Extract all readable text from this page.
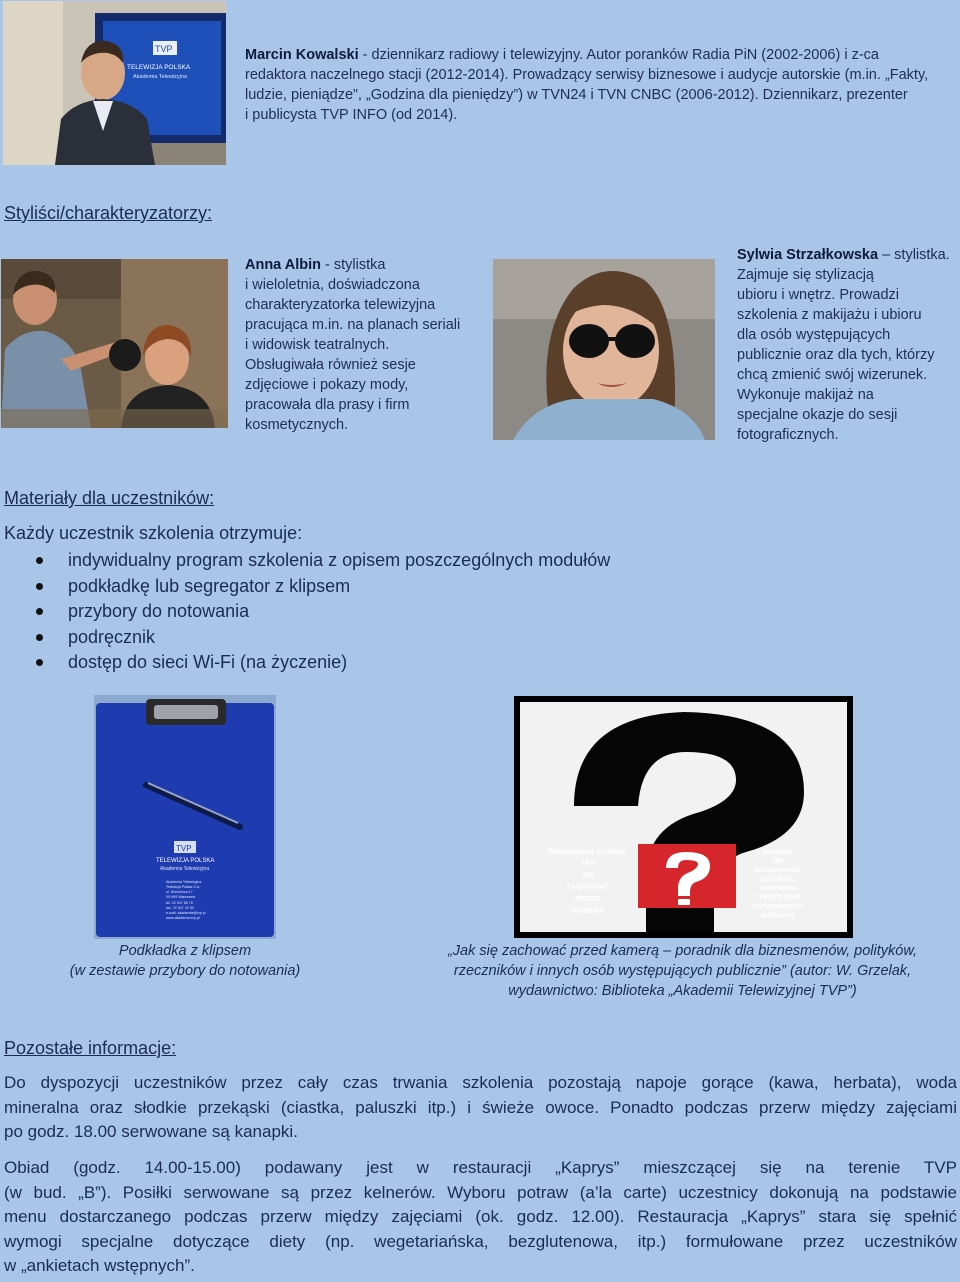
TVP
TELEWIZJA POLSKA
Akademia Telewizyjna
Marcin Kowalski - dziennikarz radiowy i telewizyjny. Autor poranków Radia PiN (2002-2006) i z-ca
redaktora naczelnego stacji (2012-2014). Prowadzący serwisy biznesowe i audycje autorskie (m.in. „Fakty,
ludzie, pieniądze”, „Godzina dla pieniędzy”) w TVN24 i TVN CNBC (2006-2012). Dziennikarz, prezenter
i publicysta TVP INFO (od 2014).
Styliści/charakteryzatorzy:
Anna Albin - stylistka
i wieloletnia, doświadczona
charakteryzatorka telewizyjna
pracująca m.in. na planach seriali
i widowisk teatralnych.
Obsługiwała również sesje
zdjęciowe i pokazy mody,
pracowała dla prasy i firm
kosmetycznych.
Sylwia Strzałkowska – stylistka.
Zajmuje się stylizacją
ubioru i wnętrz. Prowadzi
szkolenia z makijażu i ubioru
dla osób występujących
publicznie oraz dla tych, którzy
chcą zmienić swój wizerunek.
Wykonuje makijaż na
specjalne okazje do sesji
fotograficznych.
Materiały dla uczestników:
Każdy uczestnik szkolenia otrzymuje:
indywidualny program szkolenia z opisem poszczególnych modułów
podkładkę lub segregator z klipsem
przybory do notowania
podręcznik
dostęp do sieci Wi-Fi (na życzenie)
TVP
TELEWIZJA POLSKA
Akademia Telewizyjna
Akademia Telewizyjna
Telewizja Polska S.A.
ul. Woronicza 17
00-999 Warszawa
tel. 22 547 86 78
fax. 22 547 42 50
e-mail: akademia@tvp.pl
www.akademia.tvp.pl
Włodzimierz Grzelak
JAK
SIĘ
ZACHOWAĆ
PRZED
KAMERĄ
poradnik
dla
biznesmenów,
polityków,
rzeczników
i innych osób
występujących
publicznie
Podkładka z klipsem
(w zestawie przybory do notowania)
„Jak się zachować przed kamerą – poradnik dla biznesmenów, polityków,
rzeczników i innych osób występujących publicznie” (autor: W. Grzelak,
wydawnictwo: Biblioteka „Akademii Telewizyjnej TVP”)
Pozostałe informacje:
Do dyspozycji uczestników przez cały czas trwania szkolenia pozostają napoje gorące (kawa, herbata), woda
mineralna oraz słodkie przekąski (ciastka, paluszki itp.) i świeże owoce. Ponadto podczas przerw między zajęciami
po godz. 18.00 serwowane są kanapki.
Obiad (godz. 14.00-15.00) podawany jest w restauracji „Kaprys” mieszczącej się na terenie TVP
(w bud. „B”). Posiłki serwowane są przez kelnerów. Wyboru potraw (a’la carte) uczestnicy dokonują na podstawie
menu dostarczanego podczas przerw między zajęciami (ok. godz. 12.00). Restauracja „Kaprys” stara się spełnić
wymogi specjalne dotyczące diety (np. wegetariańska, bezglutenowa, itp.) formułowane przez uczestników
w „ankietach wstępnych”.
